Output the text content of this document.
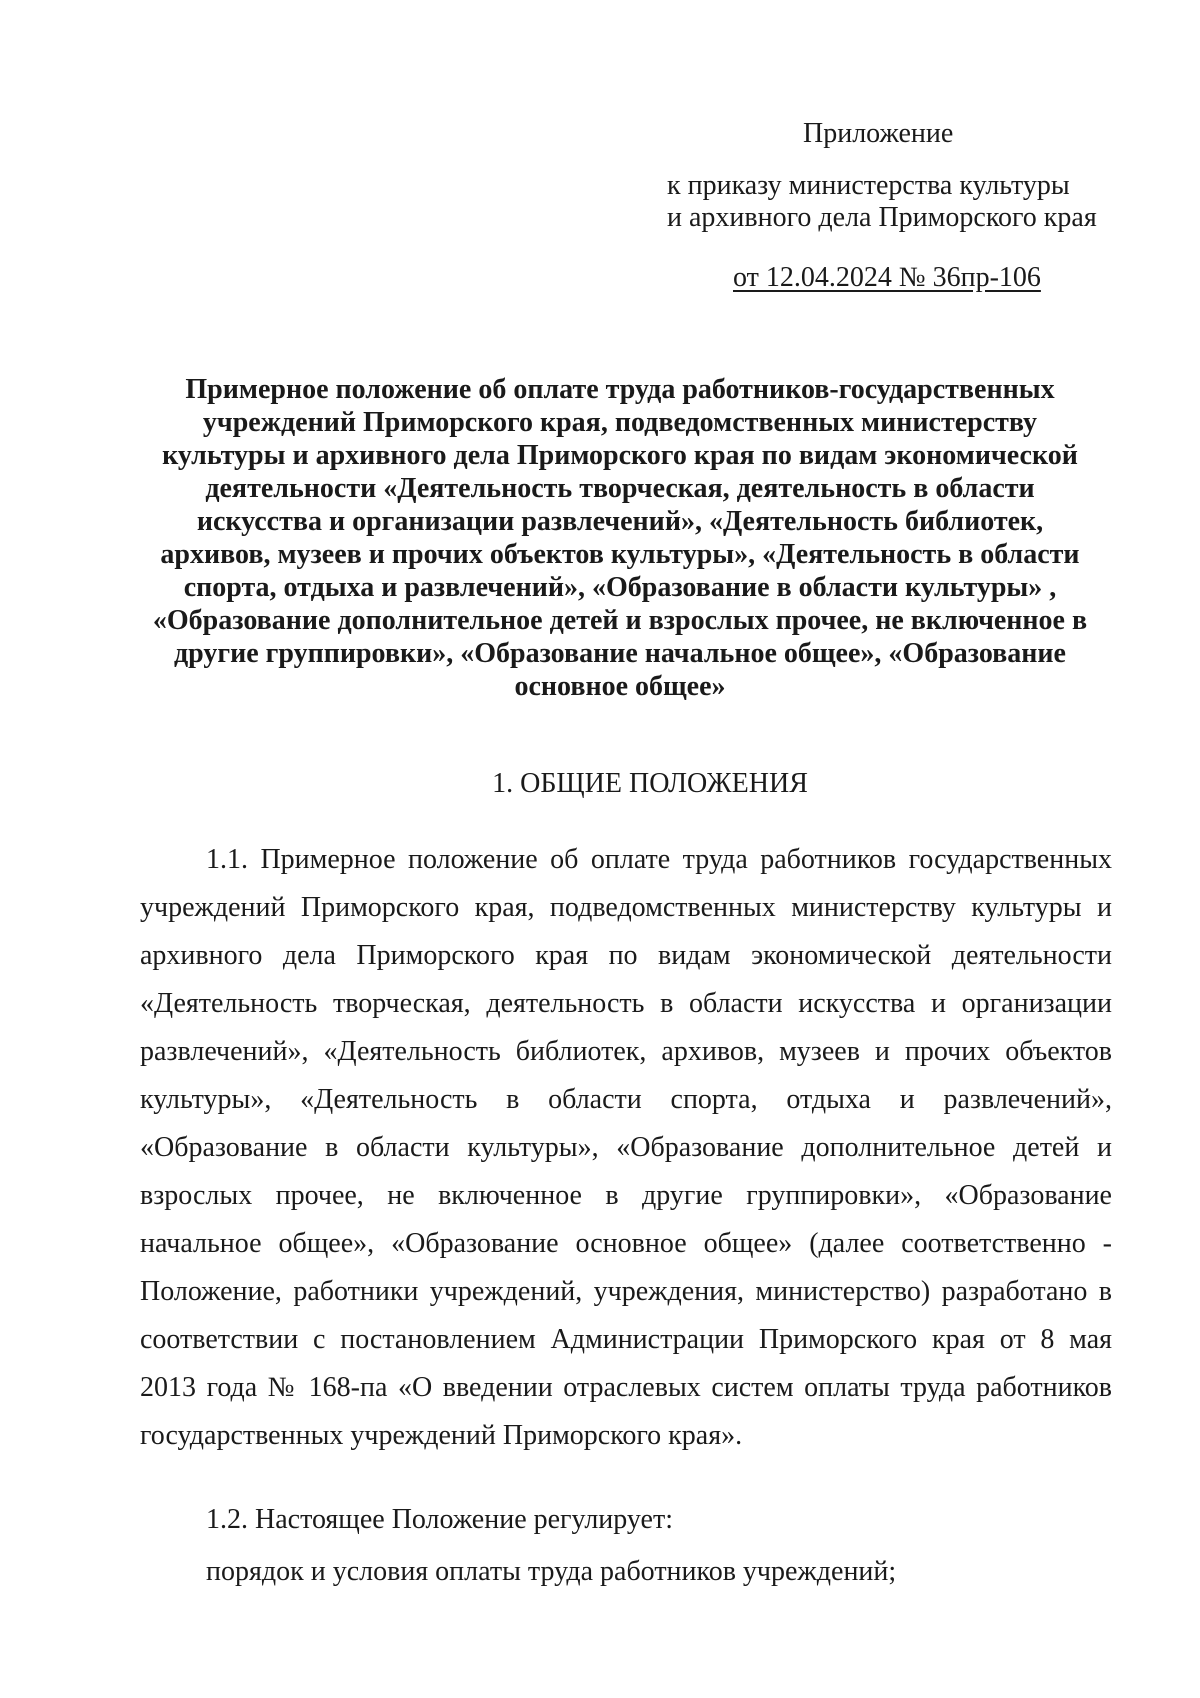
Приложение
к приказу министерства культуры
и архивного дела Приморского края
от 12.04.2024 № 36пр-106
Примерное положение об оплате труда работников-государственных учреждений Приморского края, подведомственных министерству культуры и архивного дела Приморского края по видам экономической деятельности «Деятельность творческая, деятельность в области искусства и организации развлечений», «Деятельность библиотек, архивов, музеев и прочих объектов культуры», «Деятельность в области спорта, отдыха и развлечений», «Образование в области культуры» , «Образование дополнительное детей и взрослых прочее, не включенное в другие группировки», «Образование начальное общее», «Образование основное общее»
1. ОБЩИЕ ПОЛОЖЕНИЯ

1.1. Примерное положение об оплате труда работников государственных учреждений Приморского края, подведомственных министерству культуры и архивного дела Приморского края по видам экономической деятельности «Деятельность творческая, деятельность в области искусства и организации развлечений», «Деятельность библиотек, архивов, музеев и прочих объектов культуры», «Деятельность в области спорта, отдыха и развлечений», «Образование в области культуры», «Образование дополнительное детей и взрослых прочее, не включенное в другие группировки», «Образование начальное общее», «Образование основное общее» (далее соответственно - Положение, работники учреждений, учреждения, министерство) разработано в соответствии с постановлением Администрации Приморского края от 8 мая 2013 года № 168-па «О введении отраслевых систем оплаты труда работников государственных учреждений Приморского края».

1.2. Настоящее Положение регулирует:

порядок и условия оплаты труда работников учреждений;
